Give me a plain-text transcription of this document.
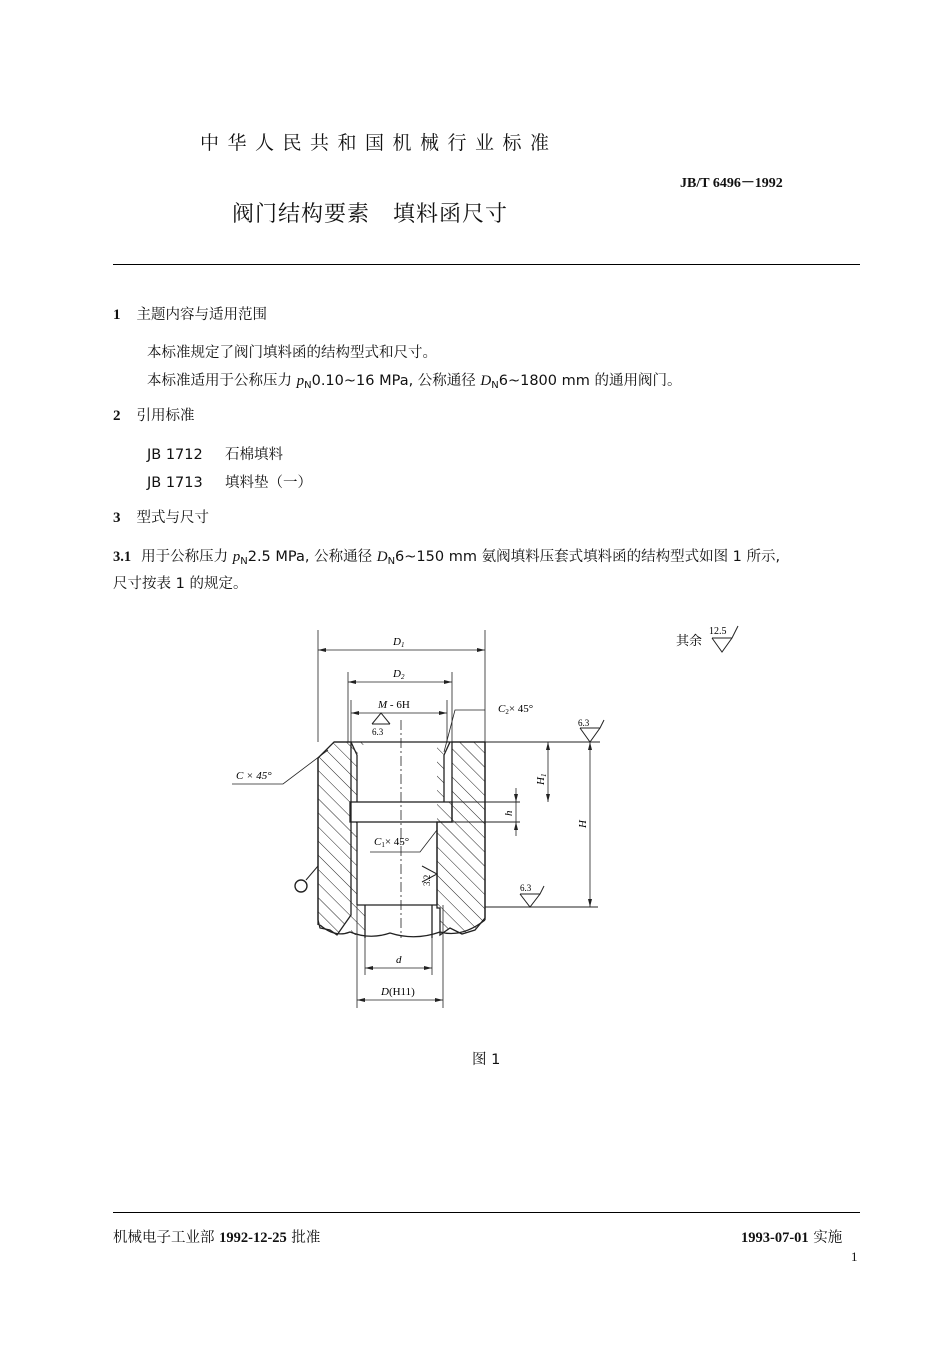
中华人民共和国机械行业标准
JB/T 6496－1992
阀门结构要素　填料函尺寸
1 主题内容与适用范围
本标准规定了阀门填料函的结构型式和尺寸。
本标准适用于公称压力 $p_N0.10\sim 16$ MPa, 公称通径 $D_N6\sim 1800$ mm 的通用阀门。
2 引用标准
JB 1712 石棉填料
JB 1713 填料垫（一）
3 型式与尺寸
3.1 用于公称压力 $p_N2.5$ MPa, 公称通径 $D_N6\sim 150$ mm 氨阀填料压套式填料函的结构型式如图 1 所示,
尺寸按表 1 的规定。
D1
D2
M - 6H
6.3
C2× 45°
C × 45°
6.3
H1
h
H
C1× 45°
3.2
6.3
d
D(H11)
其余
12.5
图 1
机械电子工业部 1992-12-25 批准	1993-07-01 实施
1
